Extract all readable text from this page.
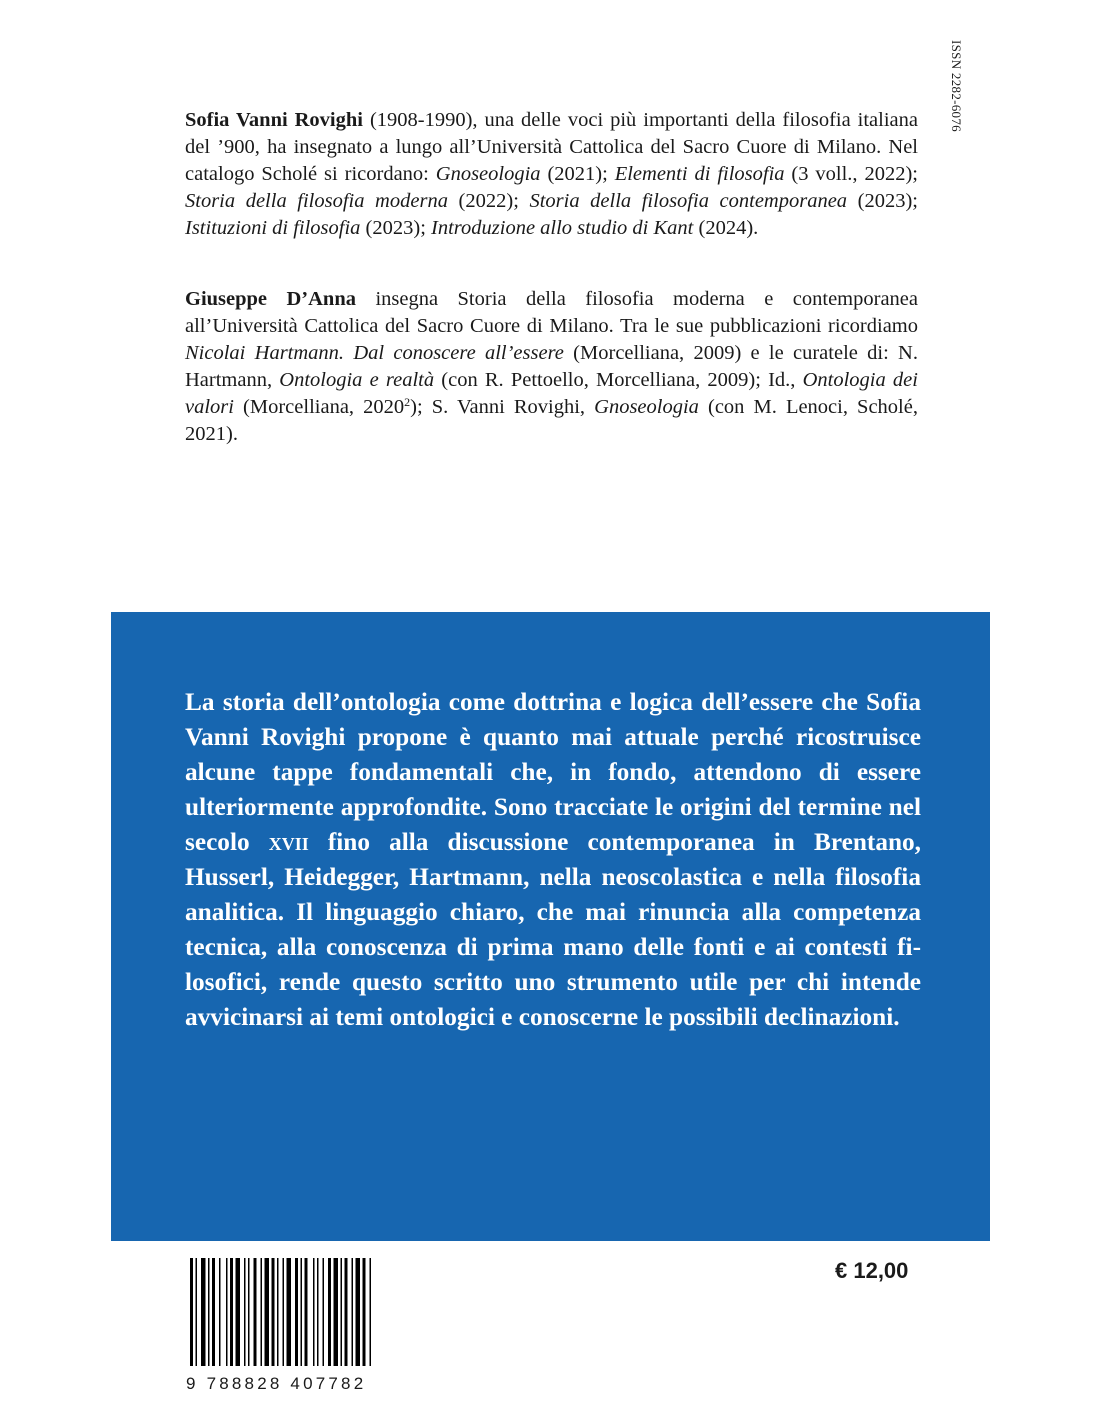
ISSN 2282-6076
Sofia Vanni Rovighi (1908-1990), una delle voci più importanti della filosofia italiana del ’900, ha insegnato a lungo all’Università Cattolica del Sacro Cuore di Milano. Nel catalogo Scholé si ricordano: Gnoseologia (2021); Elementi di filosofia (3 voll., 2022); Storia della filosofia moderna (2022); Storia della filosofia contemporanea (2023); Istituzioni di filosofia (2023); Introduzione allo studio di Kant (2024).
Giuseppe D’Anna insegna Storia della filosofia moderna e contemporanea all’Università Cattolica del Sacro Cuore di Milano. Tra le sue pubblicazioni ricordiamo Nicolai Hartmann. Dal conoscere all’essere (Morcelliana, 2009) e le curatele di: N. Hartmann, Ontologia e realtà (con R. Pettoello, Morcelliana, 2009); Id., Ontologia dei valori (Morcelliana, 2020$^2$); S. Vanni Rovighi, Gnoseologia (con M. Lenoci, Scholé, 2021).
La storia dell’ontologia come dottrina e logica dell’essere che Sofia Vanni Rovighi propone è quanto mai attuale perché ricostruisce alcune tappe fondamentali che, in fondo, attendono di essere ulteriormente approfondite. Sono tracciate le origini del termine nel secolo xvii fino alla discussione contemporanea in Brentano, Husserl, Heidegger, Hartmann, nella neoscolastica e nella filosofia analitica. Il linguaggio chiaro, che mai rinuncia alla competenza tecnica, alla conoscenza di prima mano delle fonti e ai contesti filosofici, rende questo scritto uno strumento utile per chi intende avvicinarsi ai temi ontologici e conoscerne le possibili declinazioni.
9 788828 407782
€ 12,00
